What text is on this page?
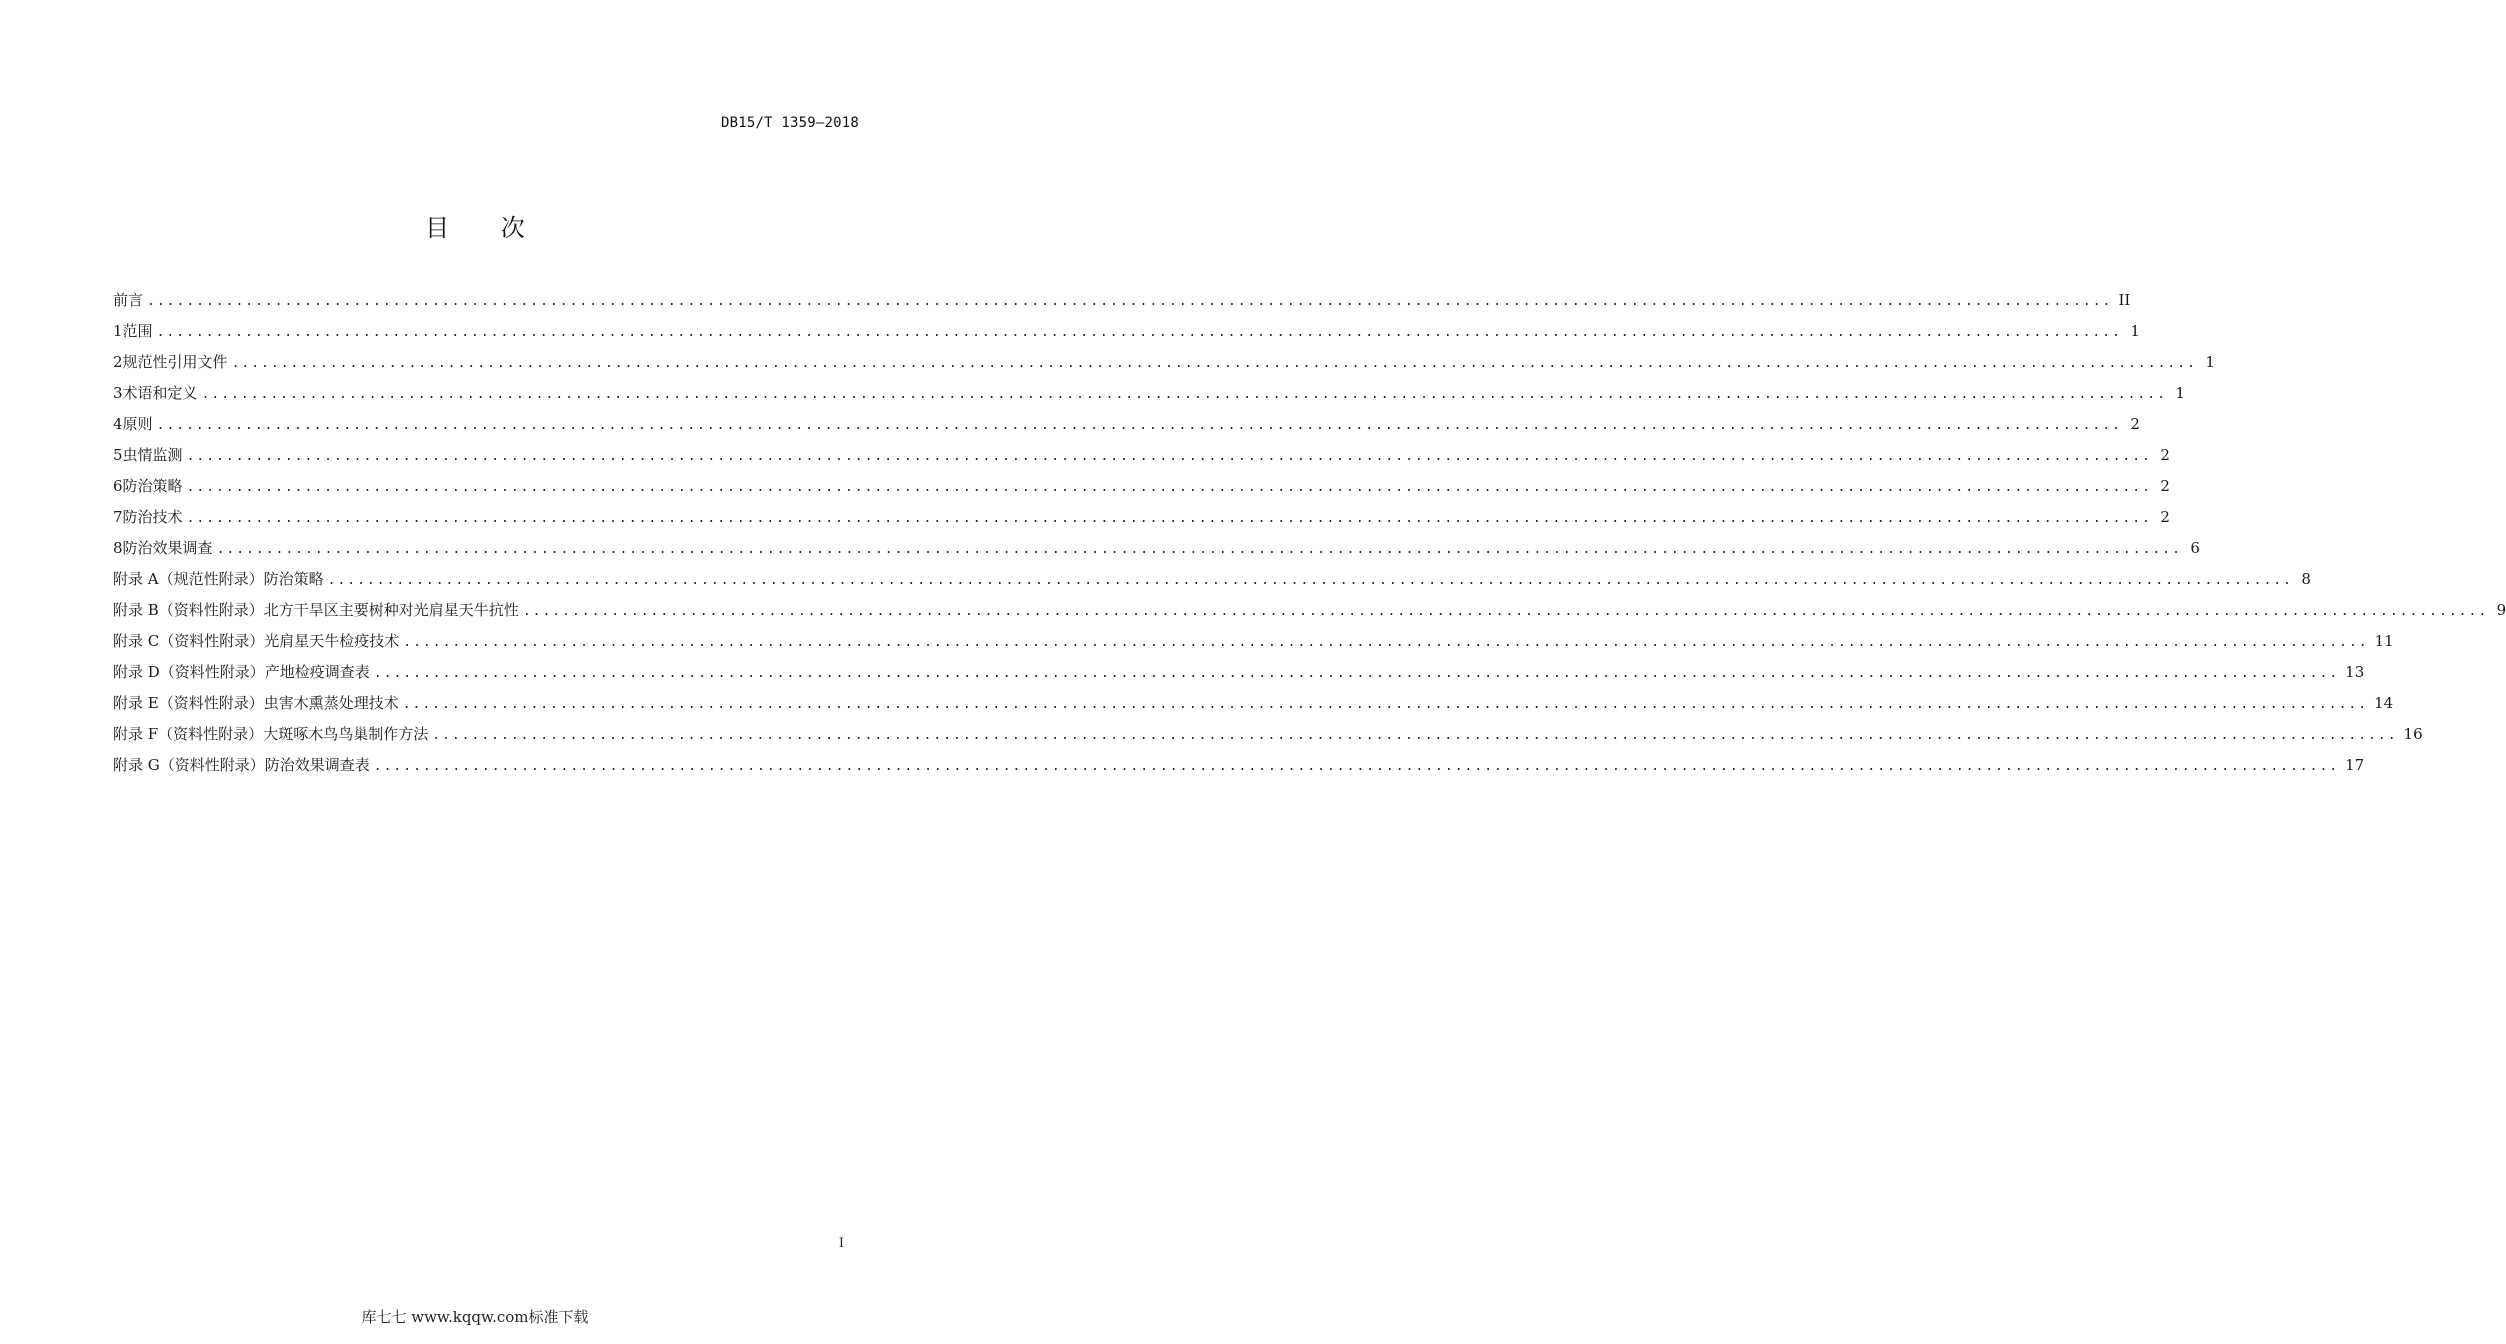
DB15/T 1359—2018
目 次
前言 ........................................................................................................................................................................................................ II
1 范围 ........................................................................................................................................................................................................ 1
2 规范性引用文件 ........................................................................................................................................................................................................ 1
3 术语和定义 ........................................................................................................................................................................................................ 1
4 原则 ........................................................................................................................................................................................................ 2
5 虫情监测 ........................................................................................................................................................................................................ 2
6 防治策略 ........................................................................................................................................................................................................ 2
7 防治技术 ........................................................................................................................................................................................................ 2
8 防治效果调查 ........................................................................................................................................................................................................ 6
附录 A（规范性附录） 防治策略 ........................................................................................................................................................................................................ 8
附录 B（资料性附录） 北方干旱区主要树种对光肩星天牛抗性 ........................................................................................................................................................................................................ 9
附录 C（资料性附录） 光肩星天牛检疫技术 ........................................................................................................................................................................................................ 11
附录 D（资料性附录） 产地检疫调查表 ........................................................................................................................................................................................................ 13
附录 E（资料性附录） 虫害木熏蒸处理技术 ........................................................................................................................................................................................................ 14
附录 F（资料性附录） 大斑啄木鸟鸟巢制作方法 ........................................................................................................................................................................................................ 16
附录 G（资料性附录） 防治效果调查表 ........................................................................................................................................................................................................ 17
I
库七七 www.kqqw.com标准下载
